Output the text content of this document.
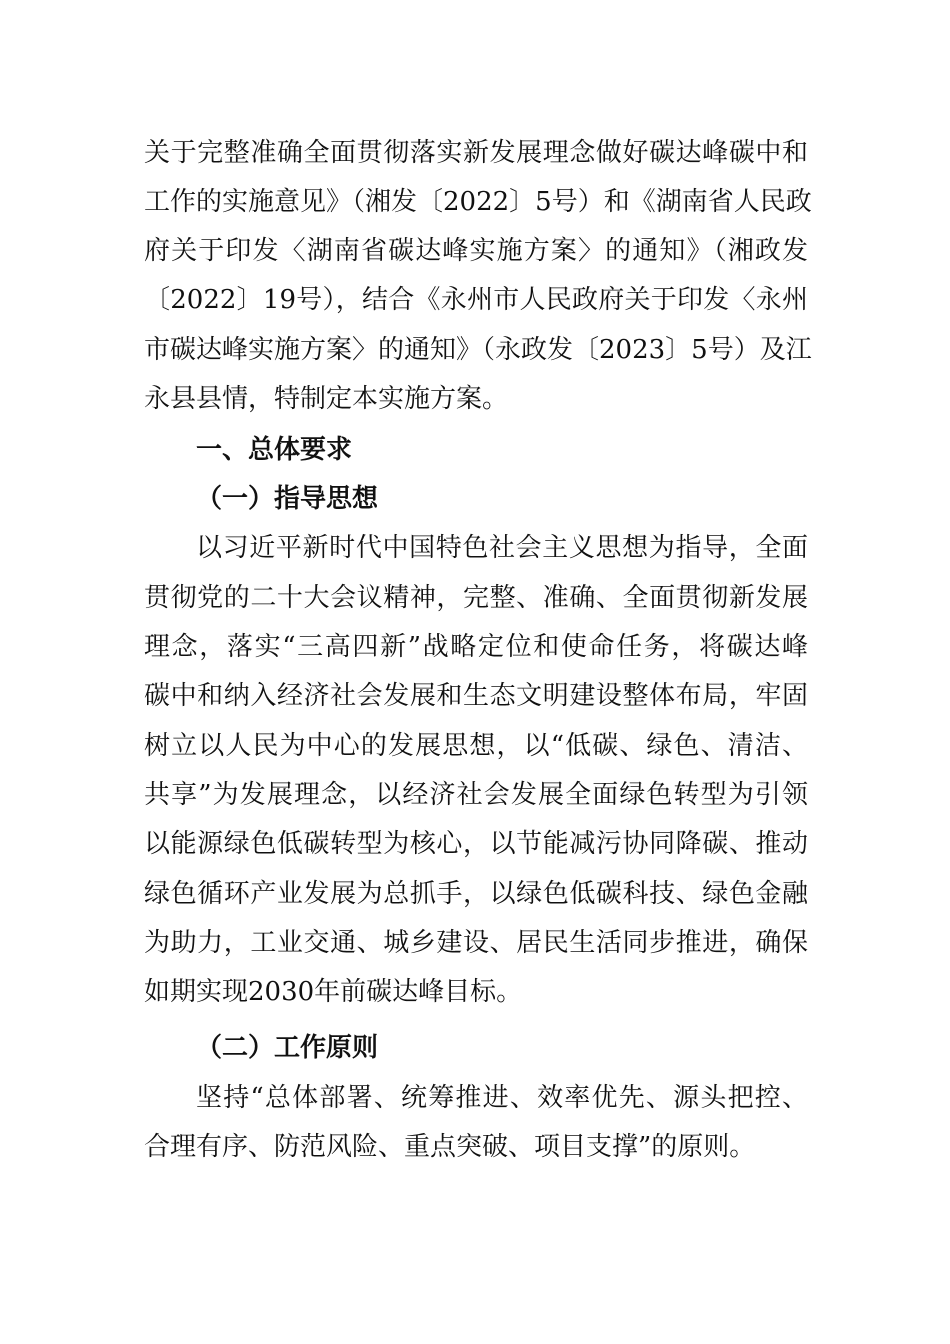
关于完整准确全面贯彻落实新发展理念做好碳达峰碳中和
工作的实施意见》（湘发〔2022〕5号）和《湖南省人民政
府关于印发〈湖南省碳达峰实施方案〉的通知》（湘政发
〔2022〕19号），结合《永州市人民政府关于印发〈永州
市碳达峰实施方案〉的通知》（永政发〔2023〕5号）及江
永县县情，特制定本实施方案。
一、总体要求
（一）指导思想
以习近平新时代中国特色社会主义思想为指导，全面
贯彻党的二十大会议精神，完整、准确、全面贯彻新发展
理念，落实“三高四新”战略定位和使命任务，将碳达峰
碳中和纳入经济社会发展和生态文明建设整体布局，牢固
树立以人民为中心的发展思想，以“低碳、绿色、清洁、
共享”为发展理念，以经济社会发展全面绿色转型为引领
以能源绿色低碳转型为核心，以节能减污协同降碳、推动
绿色循环产业发展为总抓手，以绿色低碳科技、绿色金融
为助力，工业交通、城乡建设、居民生活同步推进，确保
如期实现2030年前碳达峰目标。
（二）工作原则
坚持“总体部署、统筹推进、效率优先、源头把控、
合理有序、防范风险、重点突破、项目支撑”的原则。
